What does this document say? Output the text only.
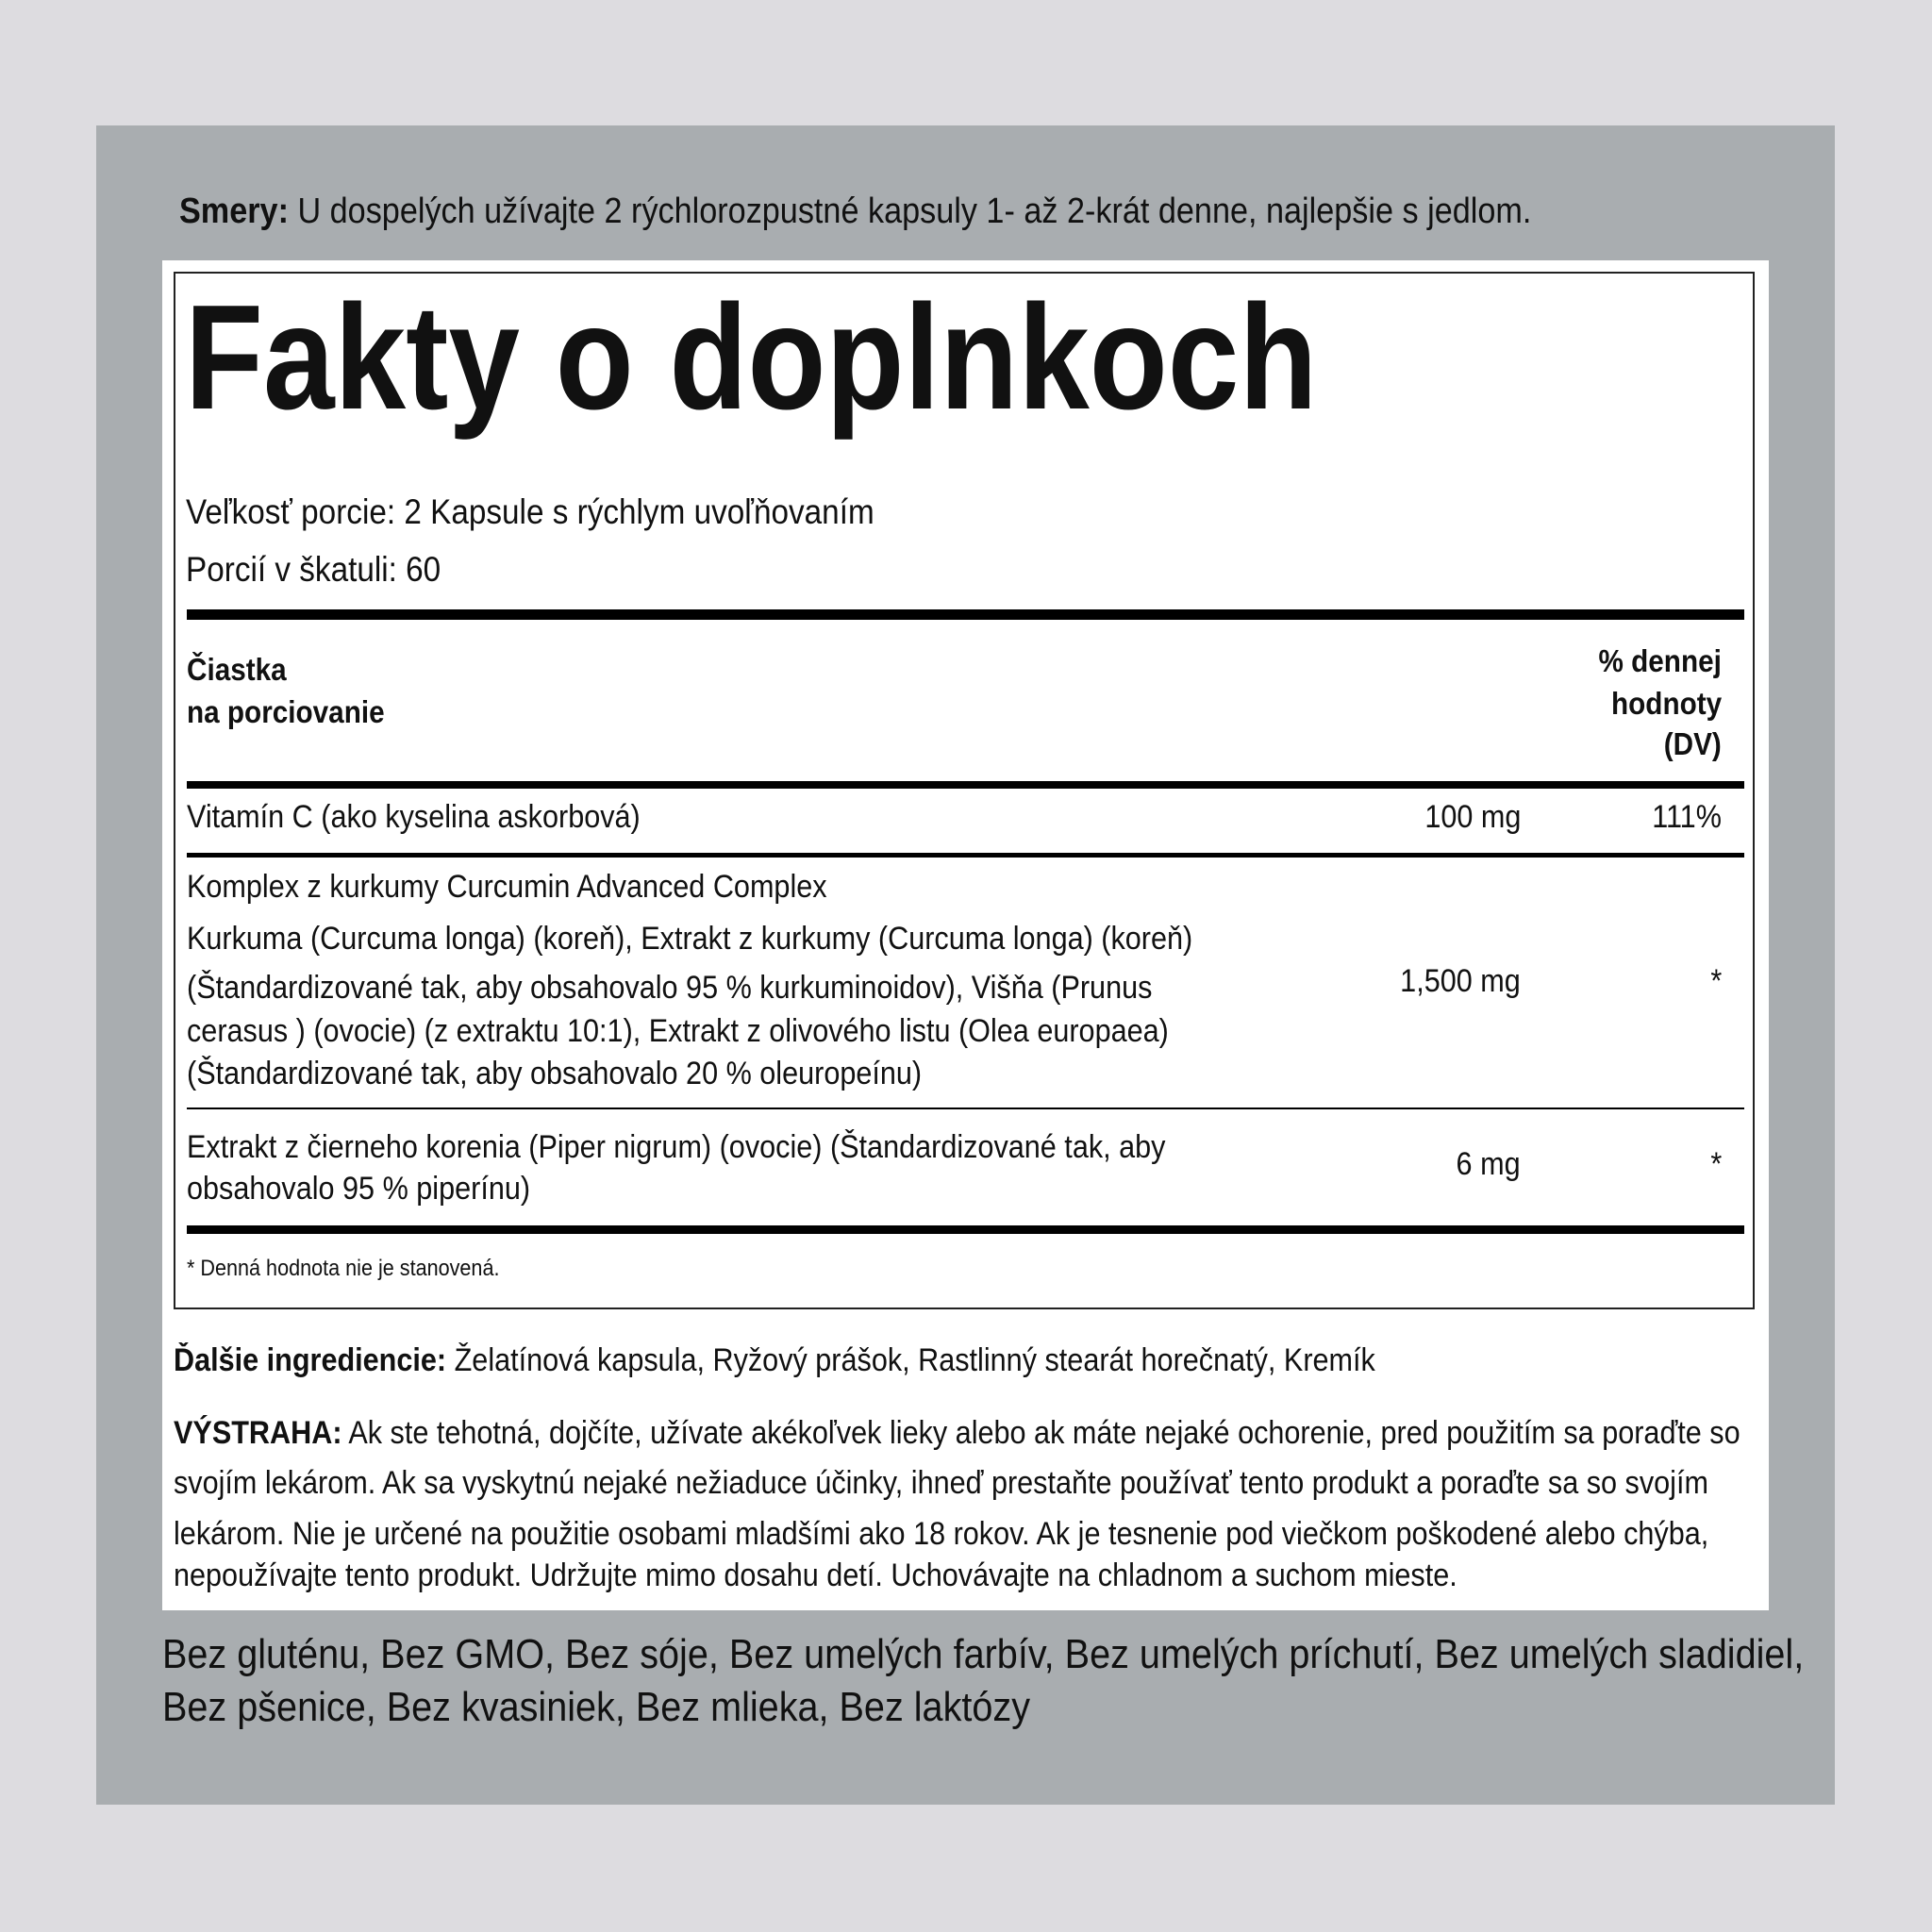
Smery: U dospelých užívajte 2 rýchlorozpustné kapsuly 1- až 2-krát denne, najlepšie s jedlom.
Fakty o doplnkoch
Veľkosť porcie: 2 Kapsule s rýchlym uvoľňovaním
Porcií v škatuli: 60
Čiastka
na porciovanie
% dennej
hodnoty
(DV)
Vitamín C (ako kyselina askorbová)	100 mg	111%
Komplex z kurkumy Curcumin Advanced Complex
Kurkuma (Curcuma longa) (koreň), Extrakt z kurkumy (Curcuma longa) (koreň)
(Štandardizované tak, aby obsahovalo 95 % kurkuminoidov), Višňa (Prunus
cerasus ) (ovocie) (z extraktu 10:1), Extrakt z olivového listu (Olea europaea)
(Štandardizované tak, aby obsahovalo 20 % oleuropeínu)
1,500 mg	*
Extrakt z čierneho korenia (Piper nigrum) (ovocie) (Štandardizované tak, aby
obsahovalo 95 % piperínu)
6 mg	*
* Denná hodnota nie je stanovená.
Ďalšie ingrediencie: Želatínová kapsula, Ryžový prášok, Rastlinný stearát horečnatý, Kremík
VÝSTRAHA: Ak ste tehotná, dojčíte, užívate akékoľvek lieky alebo ak máte nejaké ochorenie, pred použitím sa poraďte so
svojím lekárom. Ak sa vyskytnú nejaké nežiaduce účinky, ihneď prestaňte používať tento produkt a poraďte sa so svojím
lekárom. Nie je určené na použitie osobami mladšími ako 18 rokov. Ak je tesnenie pod viečkom poškodené alebo chýba,
nepoužívajte tento produkt. Udržujte mimo dosahu detí. Uchovávajte na chladnom a suchom mieste.
Bez gluténu, Bez GMO, Bez sóje, Bez umelých farbív, Bez umelých príchutí, Bez umelých sladidiel,
Bez pšenice, Bez kvasiniek, Bez mlieka, Bez laktózy
